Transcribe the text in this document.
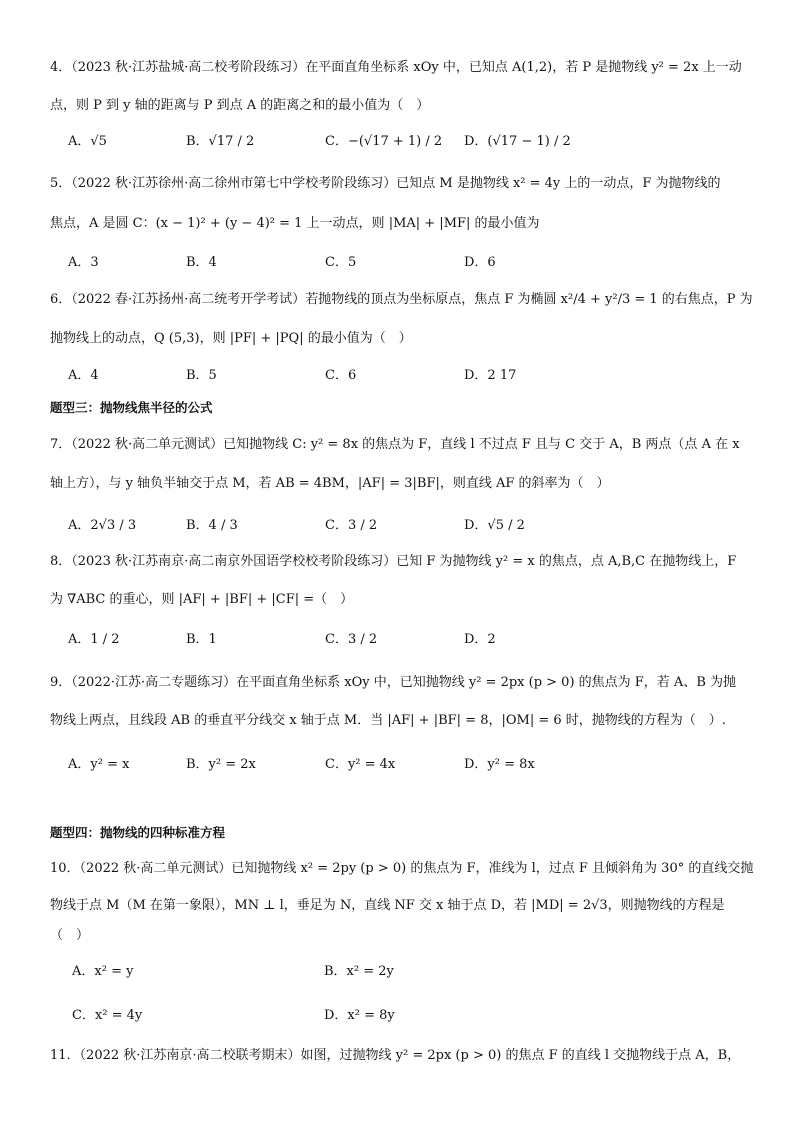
4．（2023 秋·江苏盐城·高二校考阶段练习）在平面直角坐标系 xOy 中，已知点 A(1,2)，若 P 是抛物线 y² = 2x 上一动
点，则 P 到 y 轴的距离与 P 到点 A 的距离之和的最小值为（　）
A．√5	B．√17 / 2	C．−(√17 + 1) / 2 D．(√17 − 1) / 2
5．（2022 秋·江苏徐州·高二徐州市第七中学校考阶段练习）已知点 M 是抛物线 x² = 4y 上的一动点，F 为抛物线的
焦点，A 是圆 C：(x − 1)² + (y − 4)² = 1 上一动点，则 |MA| + |MF| 的最小值为
A．3	B．4	C．5	D．6
6．（2022 春·江苏扬州·高二统考开学考试）若抛物线的顶点为坐标原点，焦点 F 为椭圆 x²/4 + y²/3 = 1 的右焦点，P 为
抛物线上的动点，Q (5,3)，则 |PF| + |PQ| 的最小值为（　）
A．4	B．5	C．6	D．2 17
题型三：抛物线焦半径的公式
7．（2022 秋·高二单元测试）已知抛物线 C: y² = 8x 的焦点为 F，直线 l 不过点 F 且与 C 交于 A，B 两点（点 A 在 x
轴上方），与 y 轴负半轴交于点 M，若 AB = 4BM，|AF| = 3|BF|，则直线 AF 的斜率为（　）
A．2√3 / 3	B．4 / 3	C．3 / 2	D．√5 / 2
8．（2023 秋·江苏南京·高二南京外国语学校校考阶段练习）已知 F 为抛物线 y² = x 的焦点，点 A,B,C 在抛物线上，F
为 ∇ABC 的重心，则 |AF| + |BF| + |CF| =（　）
A．1 / 2	B．1	C．3 / 2	D．2
9．（2022·江苏·高二专题练习）在平面直角坐标系 xOy 中，已知抛物线 y² = 2px (p > 0) 的焦点为 F，若 A、B 为抛
物线上两点，且线段 AB 的垂直平分线交 x 轴于点 M．当 |AF| + |BF| = 8，|OM| = 6 时，抛物线的方程为（　）.
A．y² = x	B．y² = 2x	C．y² = 4x	D．y² = 8x
题型四：抛物线的四种标准方程
10．（2022 秋·高二单元测试）已知抛物线 x² = 2py (p > 0) 的焦点为 F，准线为 l，过点 F 且倾斜角为 30° 的直线交抛
物线于点 M（M 在第一象限），MN ⊥ l，垂足为 N，直线 NF 交 x 轴于点 D，若 |MD| = 2√3，则抛物线的方程是
（　）
A．x² = y	B．x² = 2y
C．x² = 4y	D．x² = 8y
11．（2022 秋·江苏南京·高二校联考期末）如图，过抛物线 y² = 2px (p > 0) 的焦点 F 的直线 l 交抛物线于点 A，B，
